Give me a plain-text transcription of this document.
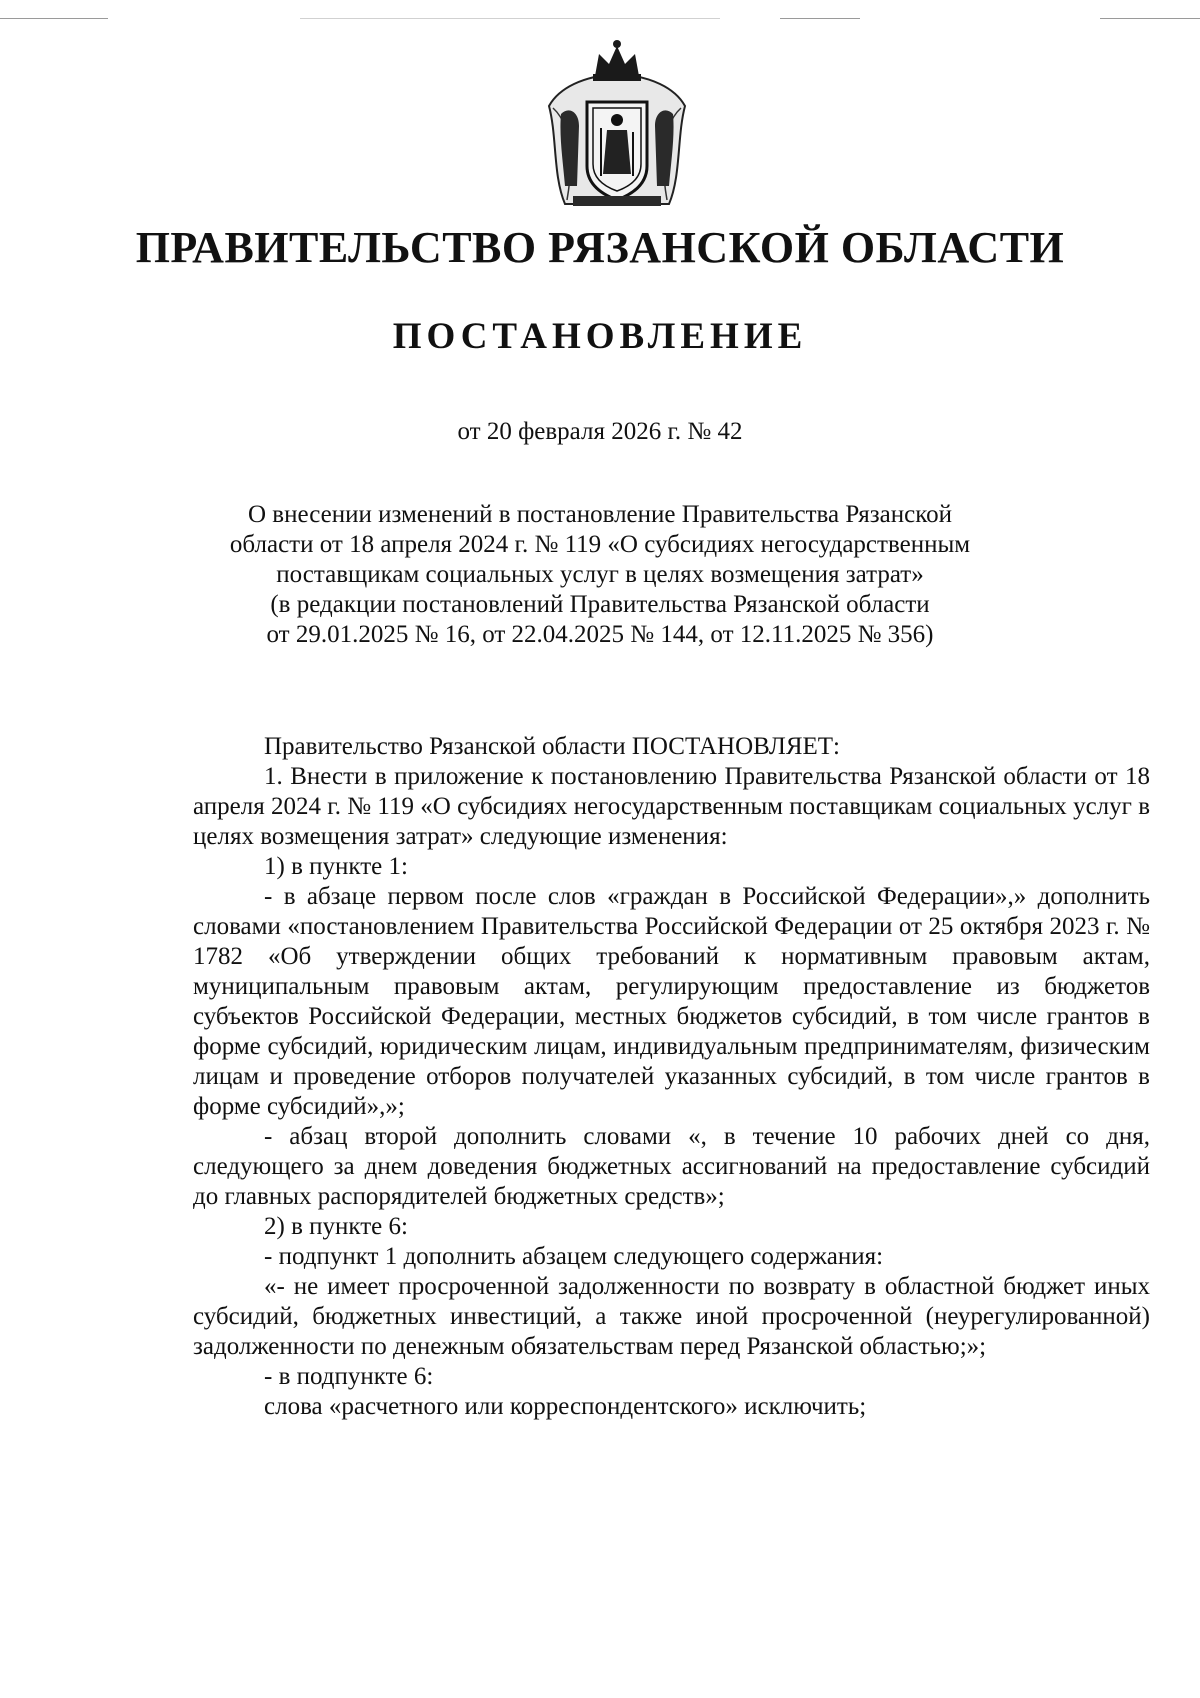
ПРАВИТЕЛЬСТВО РЯЗАНСКОЙ ОБЛАСТИ
ПОСТАНОВЛЕНИЕ
от 20 февраля 2026 г. № 42
О внесении изменений в постановление Правительства Рязанской
области от 18 апреля 2024 г. № 119 «О субсидиях негосударственным
поставщикам социальных услуг в целях возмещения затрат»
(в редакции постановлений Правительства Рязанской области
от 29.01.2025 № 16, от 22.04.2025 № 144, от 12.11.2025 № 356)

Правительство Рязанской области ПОСТАНОВЛЯЕТ:

1. Внести в приложение к постановлению Правительства Рязанской области от 18 апреля 2024 г. № 119 «О субсидиях негосударственным поставщикам социальных услуг в целях возмещения затрат» следующие изменения:

1) в пункте 1:

- в абзаце первом после слов «граждан в Российской Федерации»,» дополнить словами «постановлением Правительства Российской Федерации от 25 октября 2023 г. № 1782 «Об утверждении общих требований к нормативным правовым актам, муниципальным правовым актам, регулирующим предоставление из бюджетов субъектов Российской Федерации, местных бюджетов субсидий, в том числе грантов в форме субсидий, юридическим лицам, индивидуальным предпринимателям, физическим лицам и проведение отборов получателей указанных субсидий, в том числе грантов в форме субсидий»,»;

- абзац второй дополнить словами «, в течение 10 рабочих дней со дня, следующего за днем доведения бюджетных ассигнований на предоставление субсидий до главных распорядителей бюджетных средств»;

2) в пункте 6:

- подпункт 1 дополнить абзацем следующего содержания:

«- не имеет просроченной задолженности по возврату в областной бюджет иных субсидий, бюджетных инвестиций, а также иной просроченной (неурегулированной) задолженности по денежным обязательствам перед Рязанской областью;»;

- в подпункте 6:

слова «расчетного или корреспондентского» исключить;
